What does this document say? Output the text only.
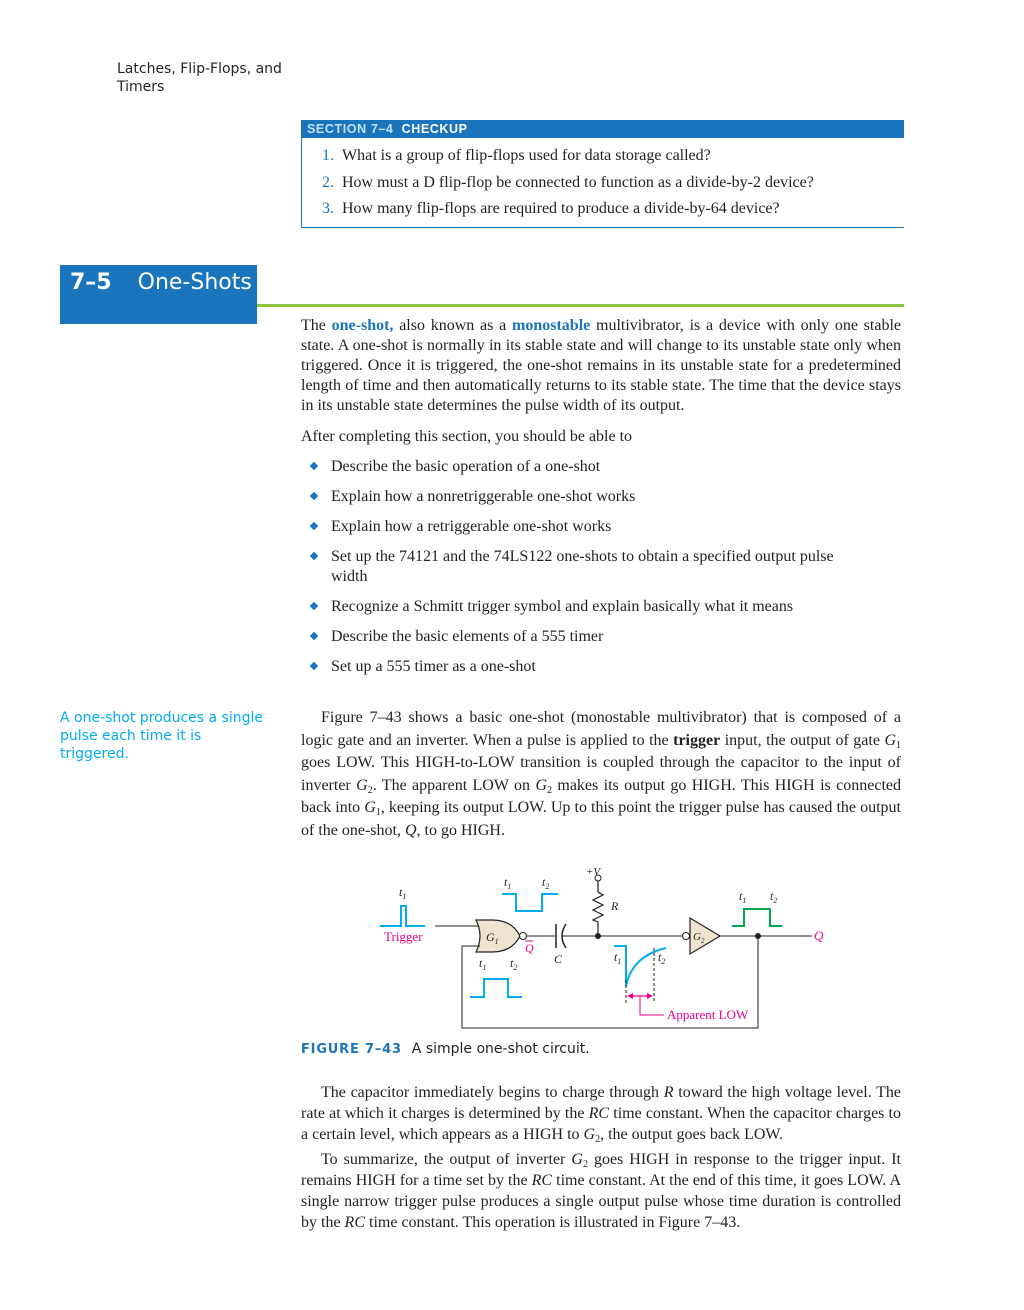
Latches, Flip-Flops, and Timers
SECTION 7–4 CHECKUP
1. What is a group of flip-flops used for data storage called?
2. How must a D flip-flop be connected to function as a divide-by-2 device?
3. How many flip-flops are required to produce a divide-by-64 device?
7–5 One-Shots
The one-shot, also known as a monostable multivibrator, is a device with only one stable state. A one-shot is normally in its stable state and will change to its unstable state only when triggered. Once it is triggered, the one-shot remains in its unstable state for a predetermined length of time and then automatically returns to its stable state. The time that the device stays in its unstable state determines the pulse width of its output.
After completing this section, you should be able to
Describe the basic operation of a one-shot
Explain how a nonretriggerable one-shot works
Explain how a retriggerable one-shot works
Set up the 74121 and the 74LS122 one-shots to obtain a specified output pulse width
Recognize a Schmitt trigger symbol and explain basically what it means
Describe the basic elements of a 555 timer
Set up a 555 timer as a one-shot
A one-shot produces a single pulse each time it is triggered.
Figure 7–43 shows a basic one-shot (monostable multivibrator) that is composed of a logic gate and an inverter. When a pulse is applied to the trigger input, the output of gate $G_1$ goes LOW. This HIGH-to-LOW transition is coupled through the capacitor to the input of inverter $G_2$. The apparent LOW on $G_2$ makes its output go HIGH. This HIGH is connected back into $G_1$, keeping its output LOW. Up to this point the trigger pulse has caused the output of the one-shot, Q, to go HIGH.
$t_1$
Trigger	$G_1$ Q
$t_1$	$t_2$
C
+V
R
$G_2$	Q
$t_1$ $t_2$
$t_1$ $t_2$
$t_1$	$t_2$
Apparent LOW
FIGURE 7–43 A simple one-shot circuit.
The capacitor immediately begins to charge through R toward the high voltage level. The rate at which it charges is determined by the RC time constant. When the capacitor charges to a certain level, which appears as a HIGH to $G_2$, the output goes back LOW.
To summarize, the output of inverter $G_2$ goes HIGH in response to the trigger input. It remains HIGH for a time set by the RC time constant. At the end of this time, it goes LOW. A single narrow trigger pulse produces a single output pulse whose time duration is controlled by the RC time constant. This operation is illustrated in Figure 7–43.
